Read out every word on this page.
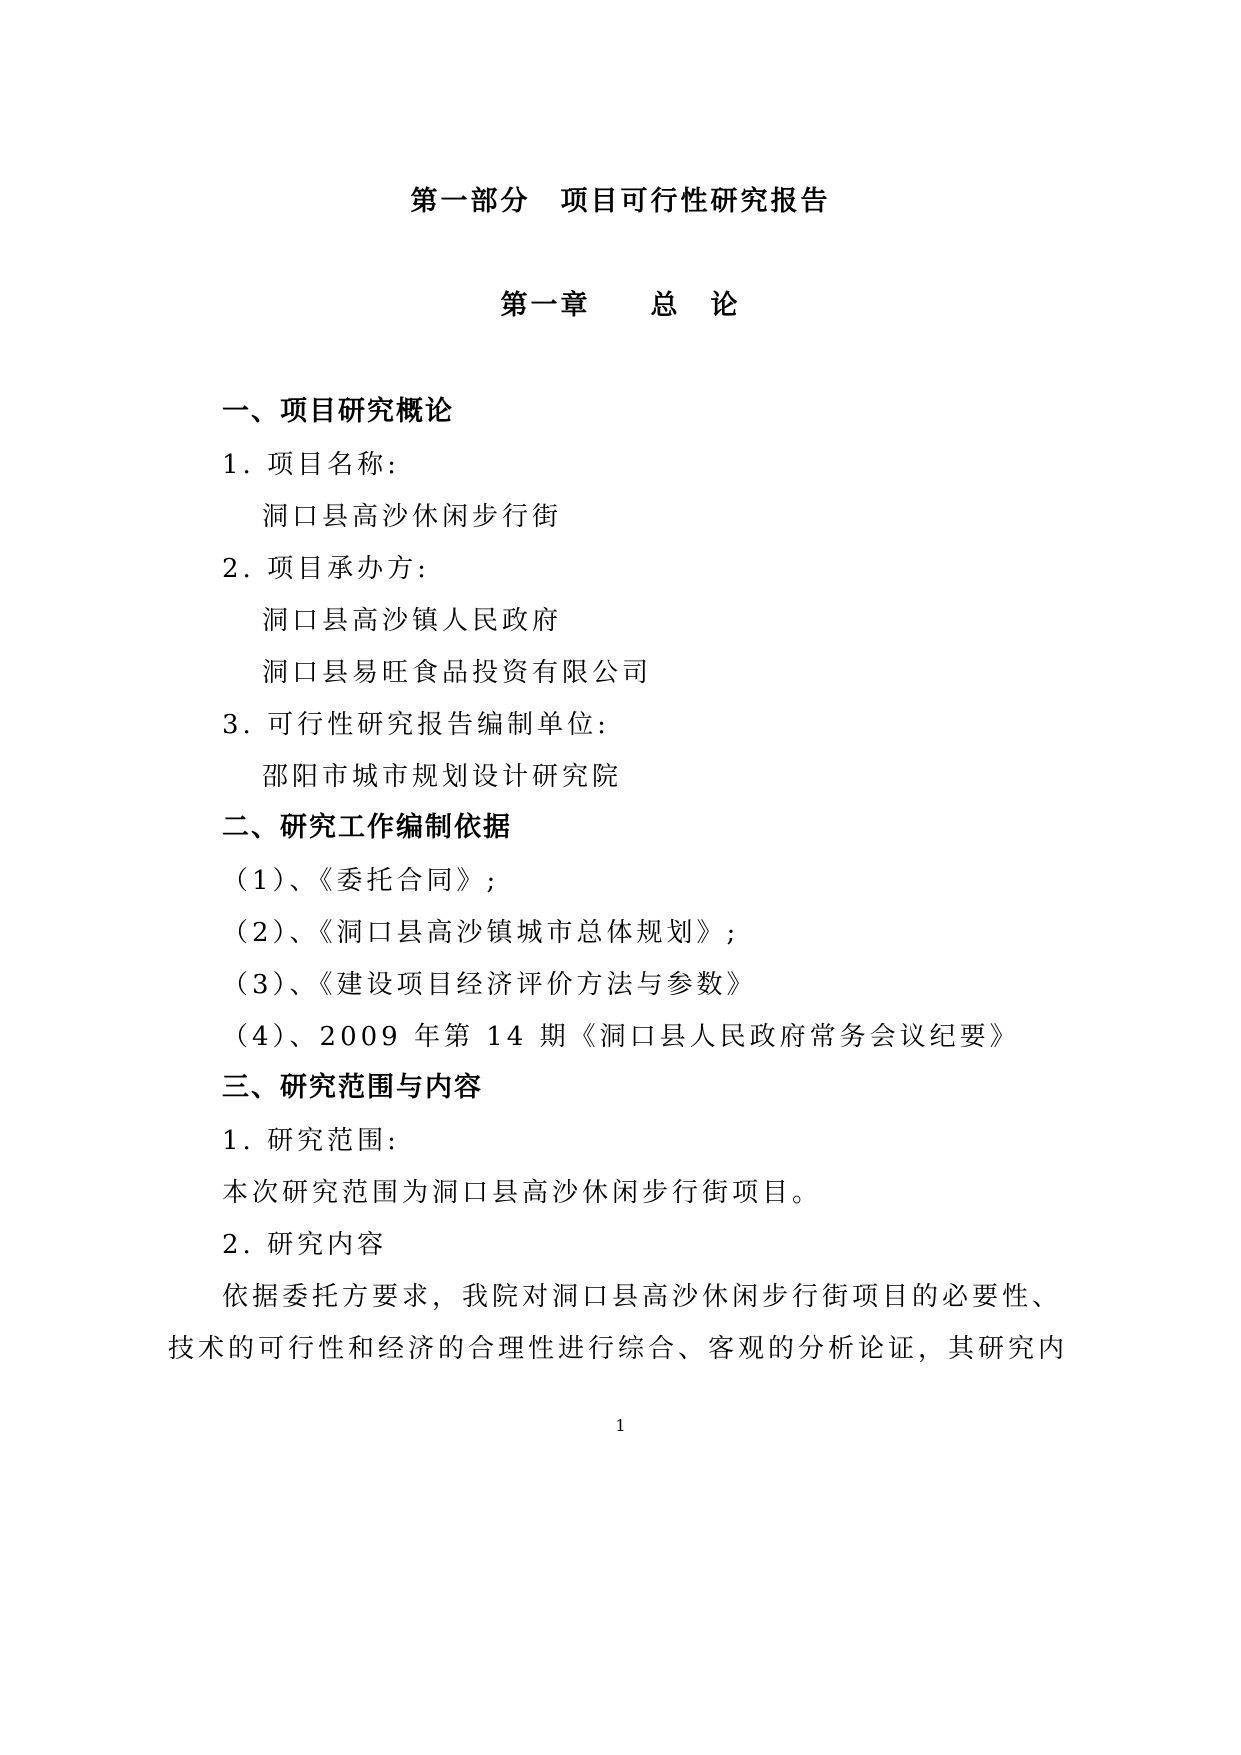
第一部分　项目可行性研究报告
第一章　　总　论
一、项目研究概论
1. 项目名称:
洞口县高沙休闲步行街
2. 项目承办方:
洞口县高沙镇人民政府
洞口县易旺食品投资有限公司
3. 可行性研究报告编制单位:
邵阳市城市规划设计研究院
二、研究工作编制依据
（1）、《委托合同》;
（2）、《洞口县高沙镇城市总体规划》;
（3）、《建设项目经济评价方法与参数》
（4）、2009 年第 14 期《洞口县人民政府常务会议纪要》
三、研究范围与内容
1. 研究范围:
本次研究范围为洞口县高沙休闲步行街项目。
2. 研究内容
依据委托方要求，我院对洞口县高沙休闲步行街项目的必要性、
技术的可行性和经济的合理性进行综合、客观的分析论证，其研究内
1
